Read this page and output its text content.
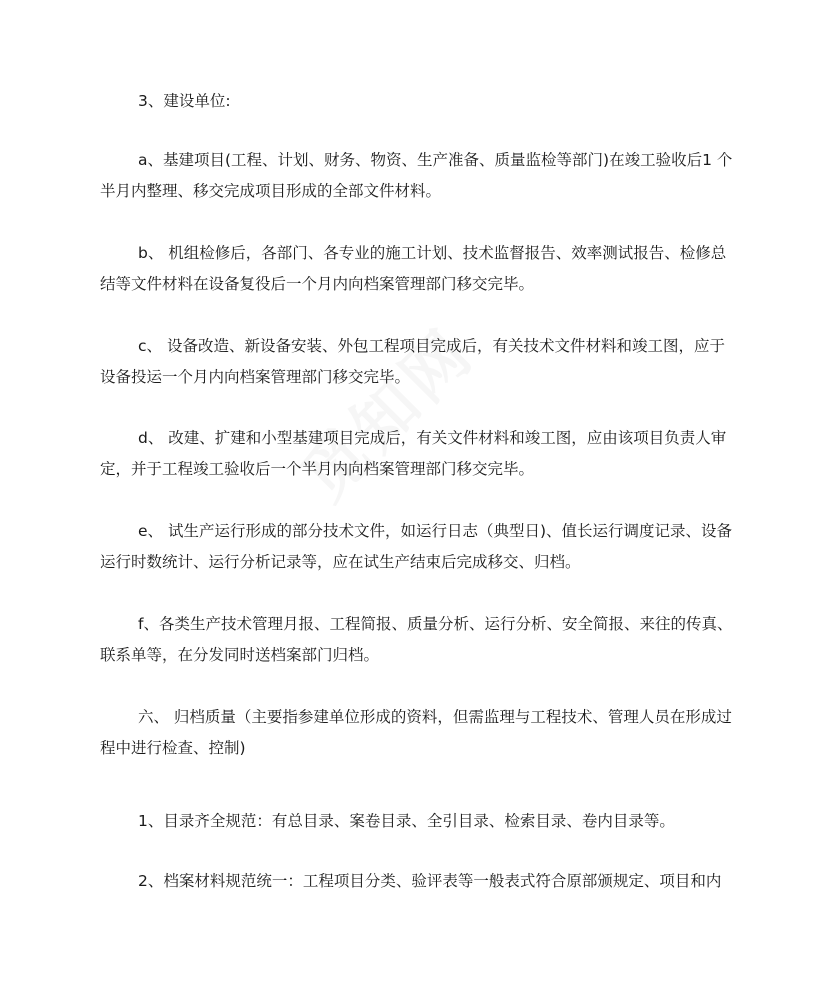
3、建设单位:

a、基建项目(工程、计划、财务、物资、生产准备、质量监检等部门)在竣工验收后1 个半月内整理、移交完成项目形成的全部文件材料。

b、 机组检修后，各部门、各专业的施工计划、技术监督报告、效率测试报告、检修总结等文件材料在设备复役后一个月内向档案管理部门移交完毕。

c、 设备改造、新设备安装、外包工程项目完成后，有关技术文件材料和竣工图，应于设备投运一个月内向档案管理部门移交完毕。

d、 改建、扩建和小型基建项目完成后，有关文件材料和竣工图，应由该项目负责人审定，并于工程竣工验收后一个半月内向档案管理部门移交完毕。

e、 试生产运行形成的部分技术文件，如运行日志（典型日)、值长运行调度记录、设备运行时数统计、运行分析记录等，应在试生产结束后完成移交、归档。

f、各类生产技术管理月报、工程简报、质量分析、运行分析、安全简报、来往的传真、联系单等，在分发同时送档案部门归档。

六、 归档质量（主要指参建单位形成的资料，但需监理与工程技术、管理人员在形成过程中进行检查、控制)

1、目录齐全规范：有总目录、案卷目录、全引目录、检索目录、卷内目录等。

2、档案材料规范统一：工程项目分类、验评表等一般表式符合原部颁规定、项目和内
